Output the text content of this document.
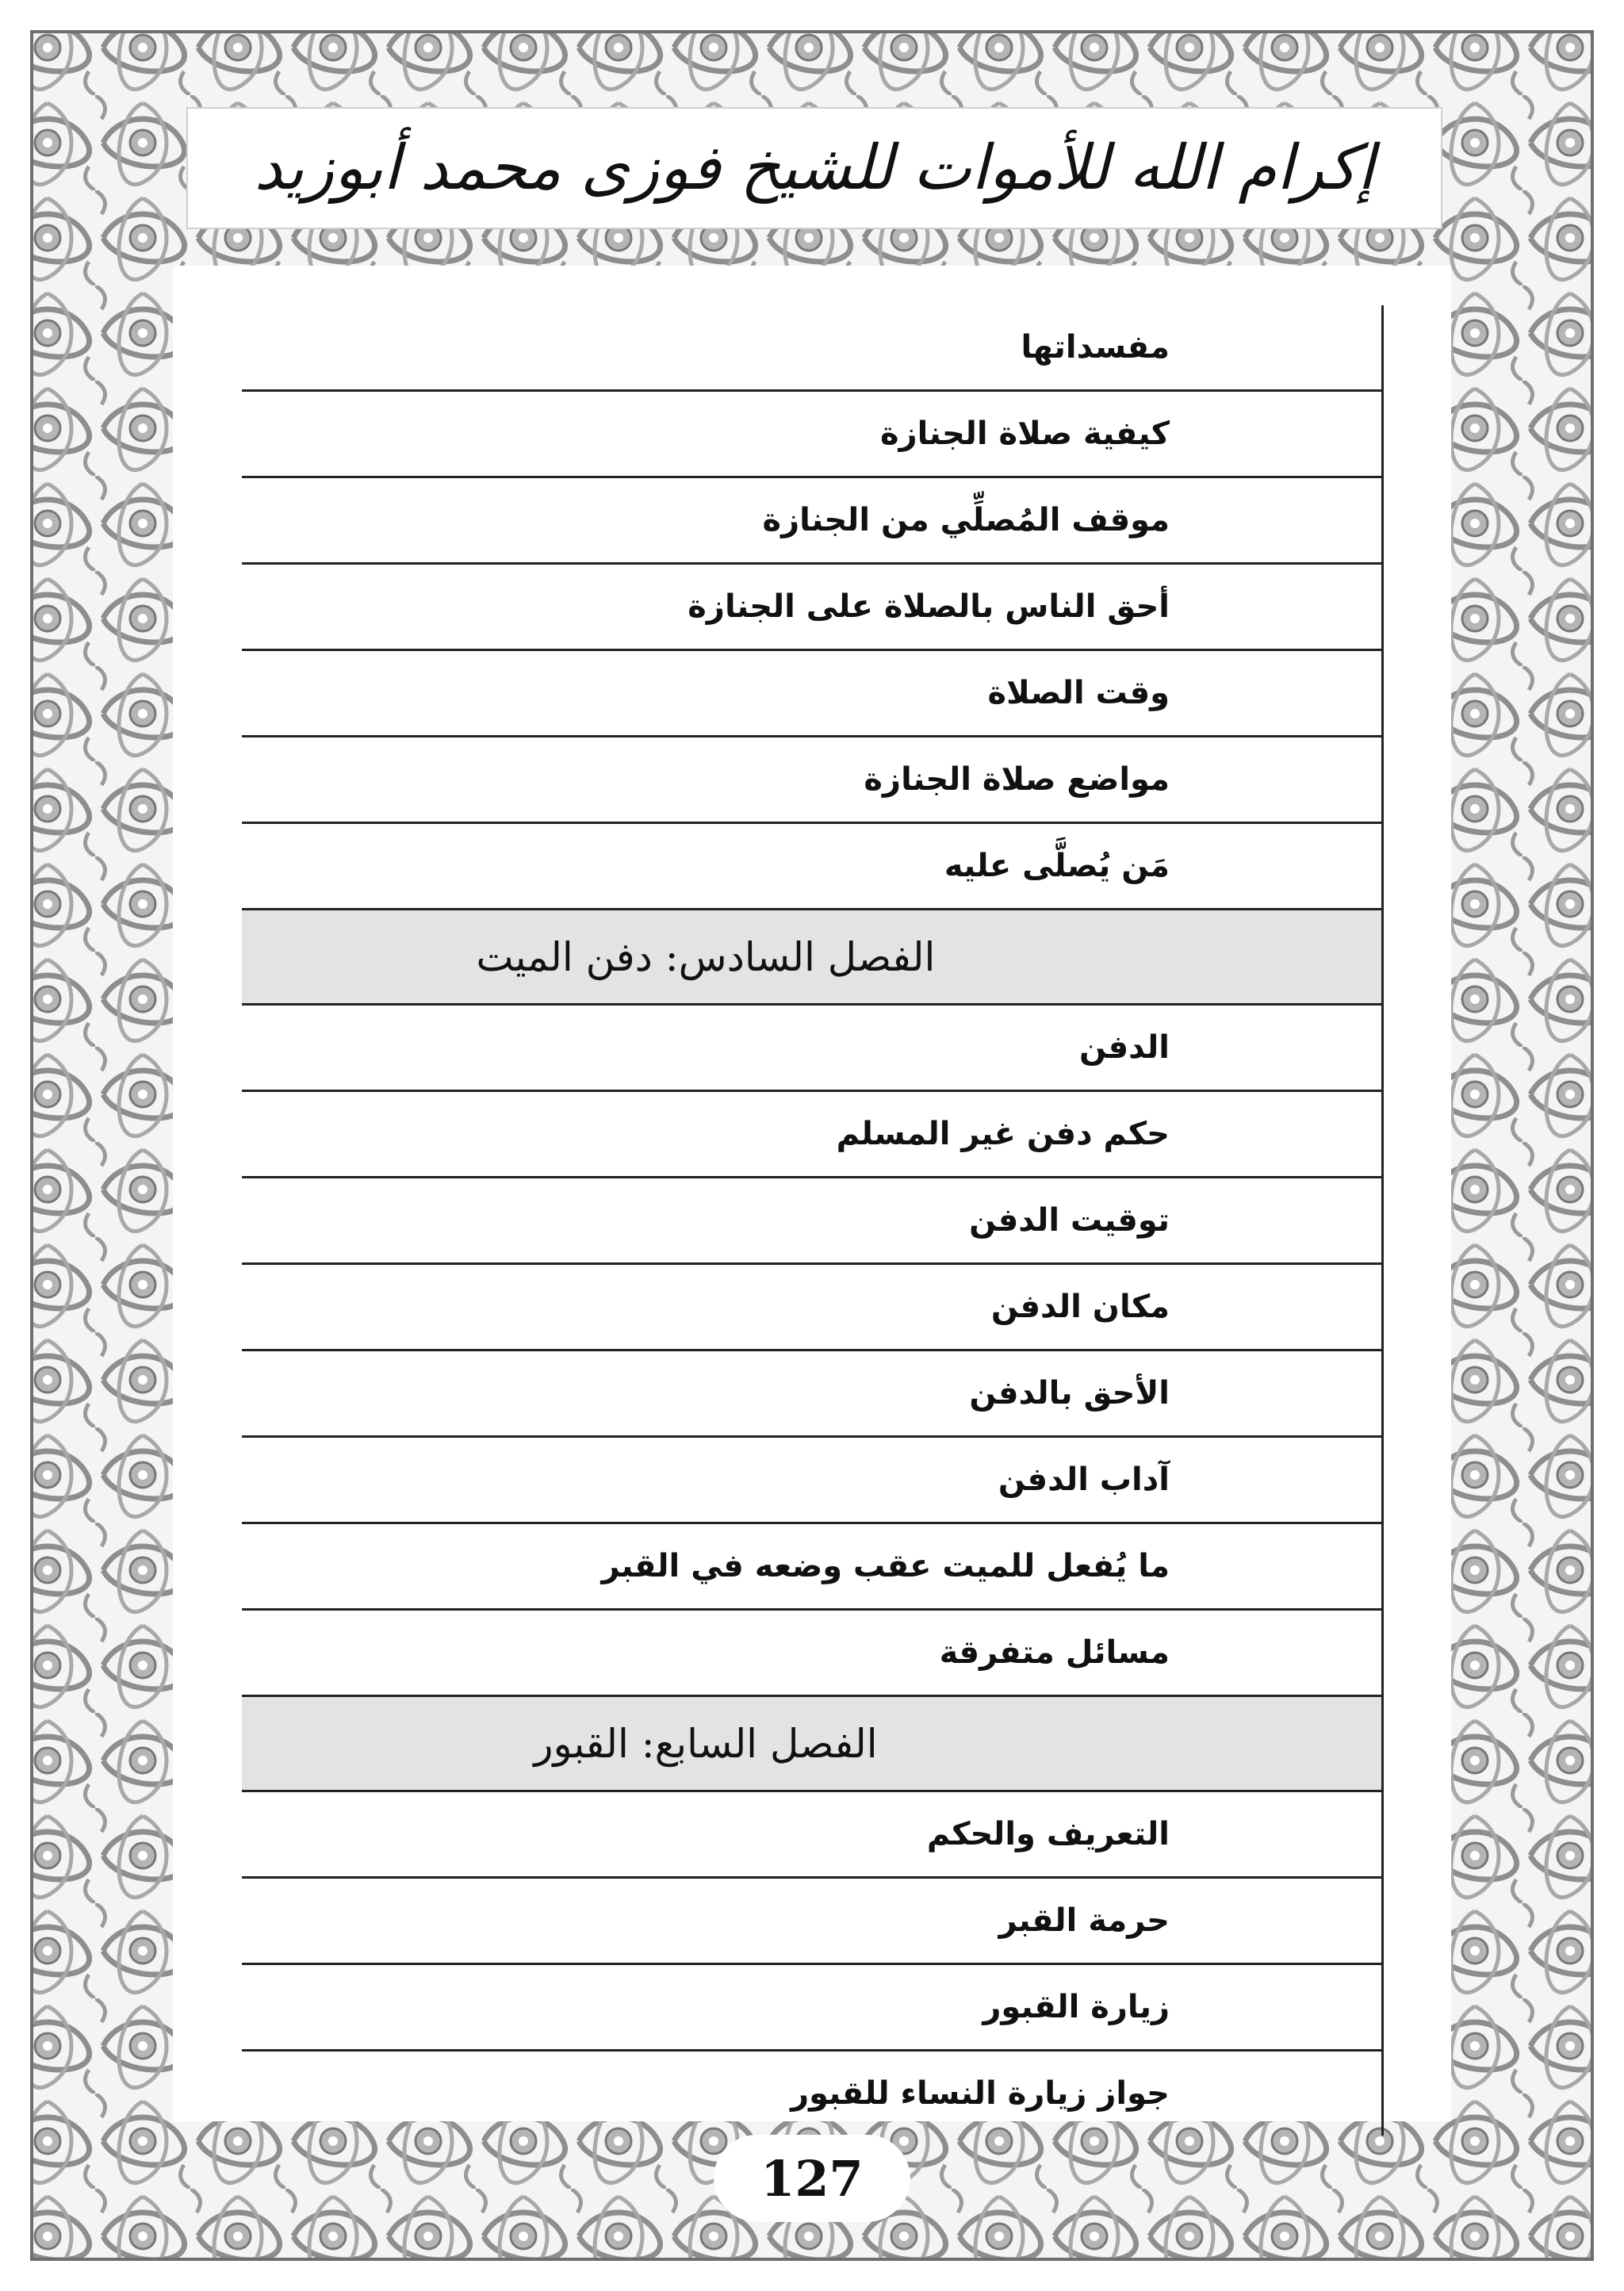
إكرام الله للأموات للشيخ فوزى محمد أبوزيد
مفسداتها
كيفية صلاة الجنازة
موقف المُصلِّي من الجنازة
أحق الناس بالصلاة على الجنازة
وقت الصلاة
مواضع صلاة الجنازة
مَن يُصلَّى عليه
الفصل السادس: دفن الميت
الدفن
حكم دفن غير المسلم
توقيت الدفن
مكان الدفن
الأحق بالدفن
آداب الدفن
ما يُفعل للميت عقب وضعه في القبر
مسائل متفرقة
الفصل السابع: القبور
التعريف والحكم
حرمة القبر
زيارة القبور
جواز زيارة النساء للقبور
127
